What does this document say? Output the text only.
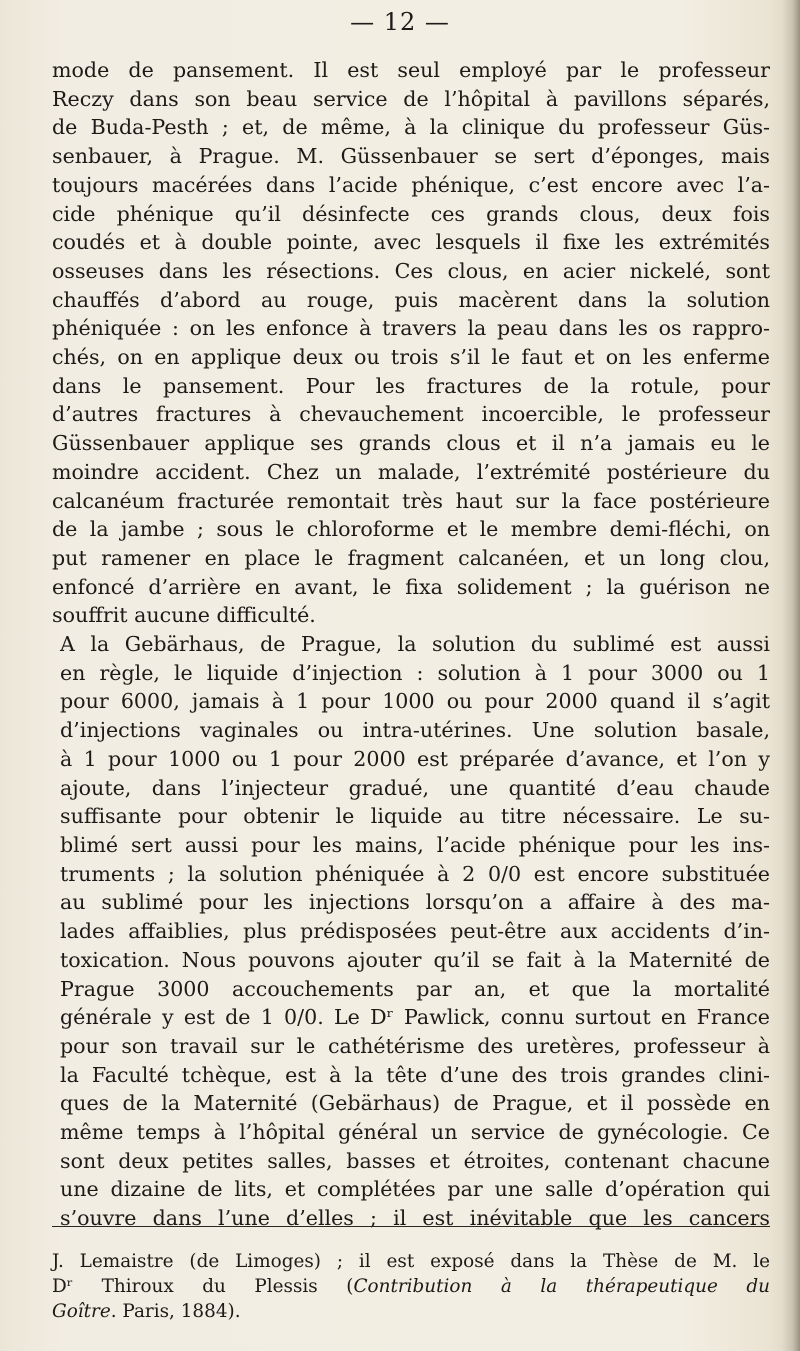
— 12 —

mode de pansement. Il est seul employé par le professeur
Reczy dans son beau service de l’hôpital à pavillons séparés,
de Buda-Pesth ; et, de même, à la clinique du professeur Güs-
senbauer, à Prague. M. Güssenbauer se sert d’éponges, mais
toujours macérées dans l’acide phénique, c’est encore avec l’a-
cide phénique qu’il désinfecte ces grands clous, deux fois
coudés et à double pointe, avec lesquels il fixe les extrémités
osseuses dans les résections. Ces clous, en acier nickelé, sont
chauffés d’abord au rouge, puis macèrent dans la solution
phéniquée : on les enfonce à travers la peau dans les os rappro-
chés, on en applique deux ou trois s’il le faut et on les enferme
dans le pansement. Pour les fractures de la rotule, pour
d’autres fractures à chevauchement incoercible, le professeur
Güssenbauer applique ses grands clous et il n’a jamais eu le
moindre accident. Chez un malade, l’extrémité postérieure du
calcanéum fracturée remontait très haut sur la face postérieure
de la jambe ; sous le chloroforme et le membre demi-fléchi, on
put ramener en place le fragment calcanéen, et un long clou,
enfoncé d’arrière en avant, le fixa solidement ; la guérison ne
souffrit aucune difficulté.

A la Gebärhaus, de Prague, la solution du sublimé est aussi
en règle, le liquide d’injection : solution à 1 pour 3000 ou 1
pour 6000, jamais à 1 pour 1000 ou pour 2000 quand il s’agit
d’injections vaginales ou intra-utérines. Une solution basale,
à 1 pour 1000 ou 1 pour 2000 est préparée d’avance, et l’on y
ajoute, dans l’injecteur gradué, une quantité d’eau chaude
suffisante pour obtenir le liquide au titre nécessaire. Le su-
blimé sert aussi pour les mains, l’acide phénique pour les ins-
truments ; la solution phéniquée à 2 0/0 est encore substituée
au sublimé pour les injections lorsqu’on a affaire à des ma-
lades affaiblies, plus prédisposées peut-être aux accidents d’in-
toxication. Nous pouvons ajouter qu’il se fait à la Maternité de
Prague 3000 accouchements par an, et que la mortalité
générale y est de 1 0/0. Le Dʳ Pawlick, connu surtout en France
pour son travail sur le cathétérisme des uretères, professeur à
la Faculté tchèque, est à la tête d’une des trois grandes clini-
ques de la Maternité (Gebärhaus) de Prague, et il possède en
même temps à l’hôpital général un service de gynécologie. Ce
sont deux petites salles, basses et étroites, contenant chacune
une dizaine de lits, et complétées par une salle d’opération qui
s’ouvre dans l’une d’elles ; il est inévitable que les cancers

J. Lemaistre (de Limoges) ; il est exposé dans la Thèse de M. le
Dʳ Thiroux du Plessis (Contribution à la thérapeutique du
Goître. Paris, 1884).
